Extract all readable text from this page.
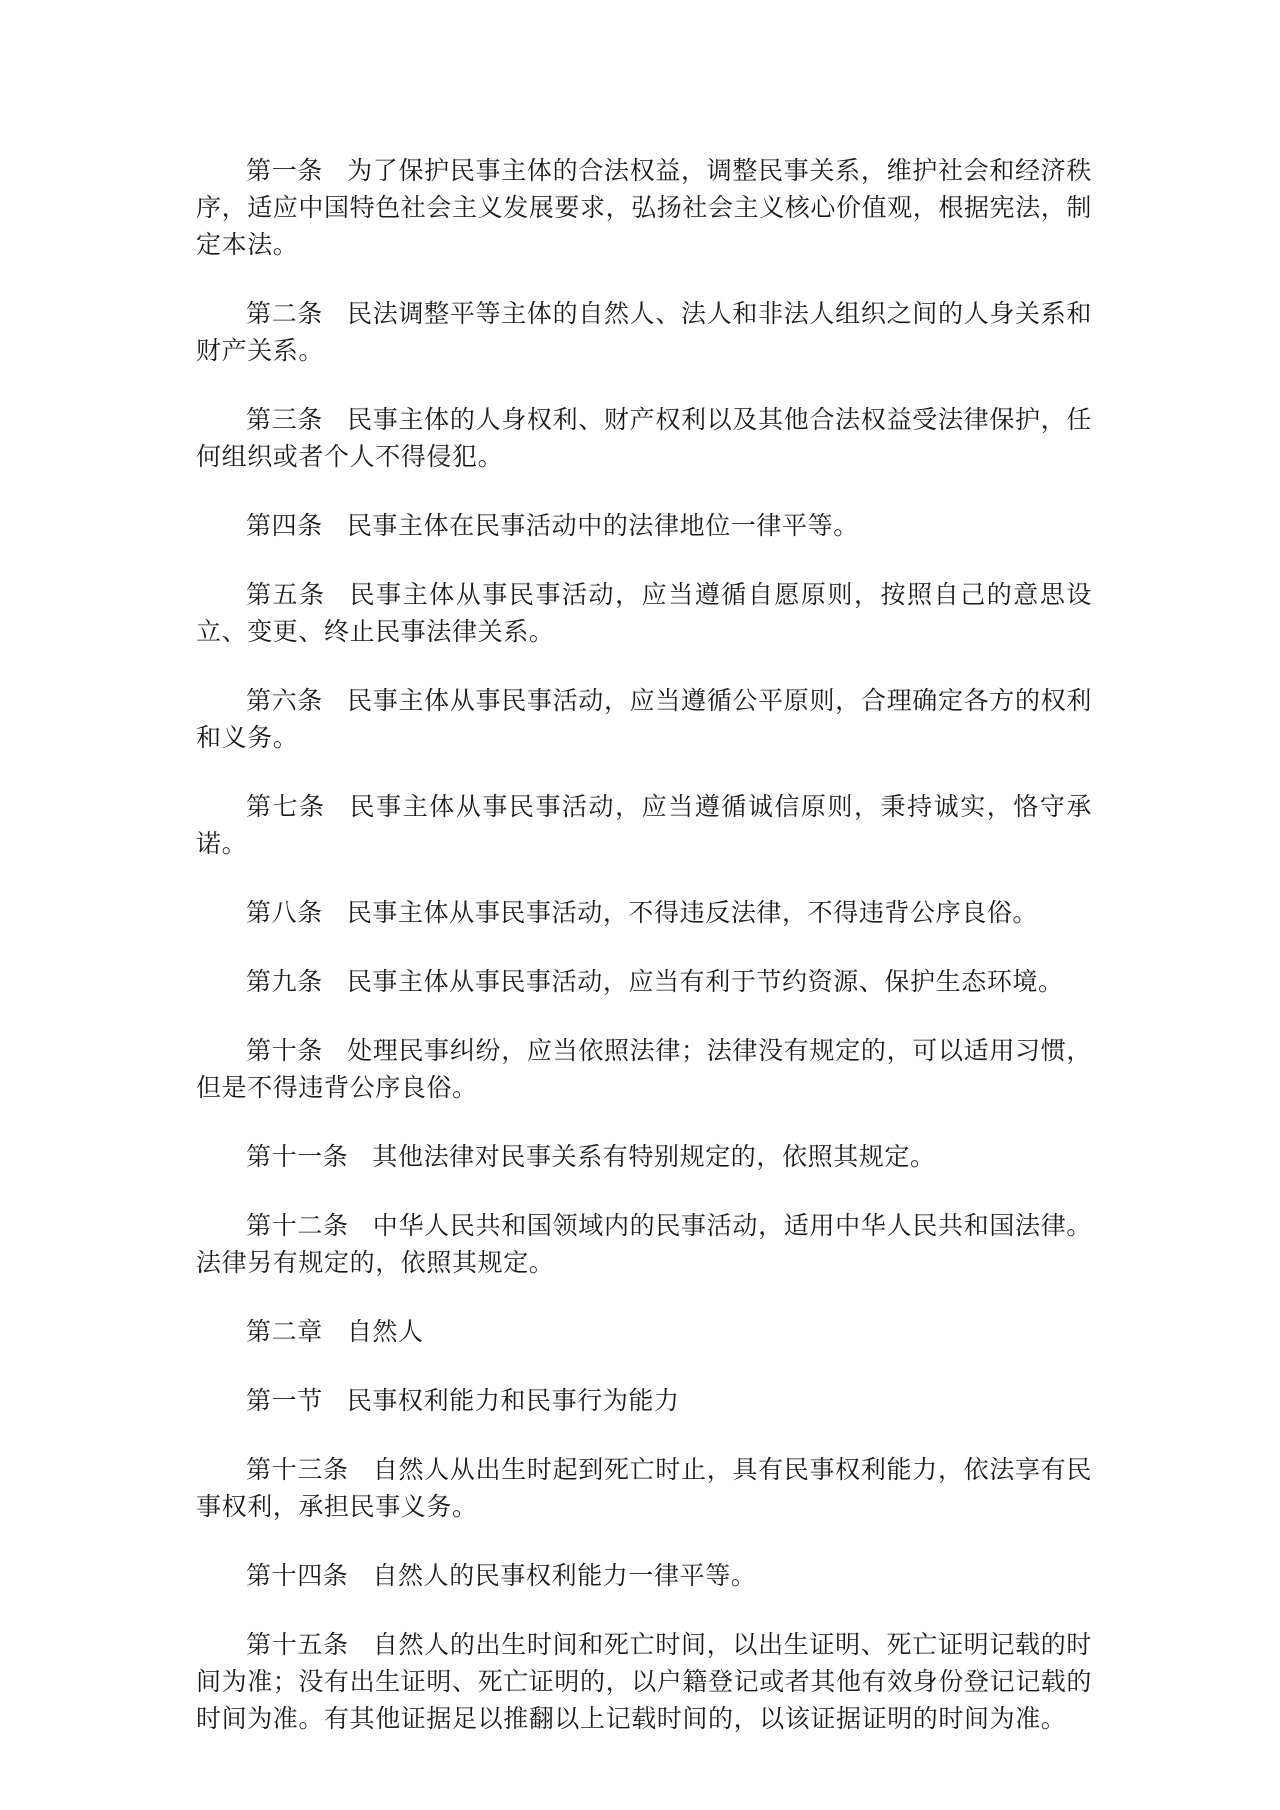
第一条 为了保护民事主体的合法权益，调整民事关系，维护社会和经济秩序，适应中国特色社会主义发展要求，弘扬社会主义核心价值观，根据宪法，制定本法。

第二条 民法调整平等主体的自然人、法人和非法人组织之间的人身关系和财产关系。

第三条 民事主体的人身权利、财产权利以及其他合法权益受法律保护，任何组织或者个人不得侵犯。

第四条 民事主体在民事活动中的法律地位一律平等。

第五条 民事主体从事民事活动，应当遵循自愿原则，按照自己的意思设立、变更、终止民事法律关系。

第六条 民事主体从事民事活动，应当遵循公平原则，合理确定各方的权利和义务。

第七条 民事主体从事民事活动，应当遵循诚信原则，秉持诚实，恪守承诺。

第八条 民事主体从事民事活动，不得违反法律，不得违背公序良俗。

第九条 民事主体从事民事活动，应当有利于节约资源、保护生态环境。

第十条 处理民事纠纷，应当依照法律；法律没有规定的，可以适用习惯，但是不得违背公序良俗。

第十一条 其他法律对民事关系有特别规定的，依照其规定。

第十二条 中华人民共和国领域内的民事活动，适用中华人民共和国法律。法律另有规定的，依照其规定。

第二章 自然人

第一节 民事权利能力和民事行为能力

第十三条 自然人从出生时起到死亡时止，具有民事权利能力，依法享有民事权利，承担民事义务。

第十四条 自然人的民事权利能力一律平等。

第十五条 自然人的出生时间和死亡时间，以出生证明、死亡证明记载的时间为准；没有出生证明、死亡证明的，以户籍登记或者其他有效身份登记记载的时间为准。有其他证据足以推翻以上记载时间的，以该证据证明的时间为准。
